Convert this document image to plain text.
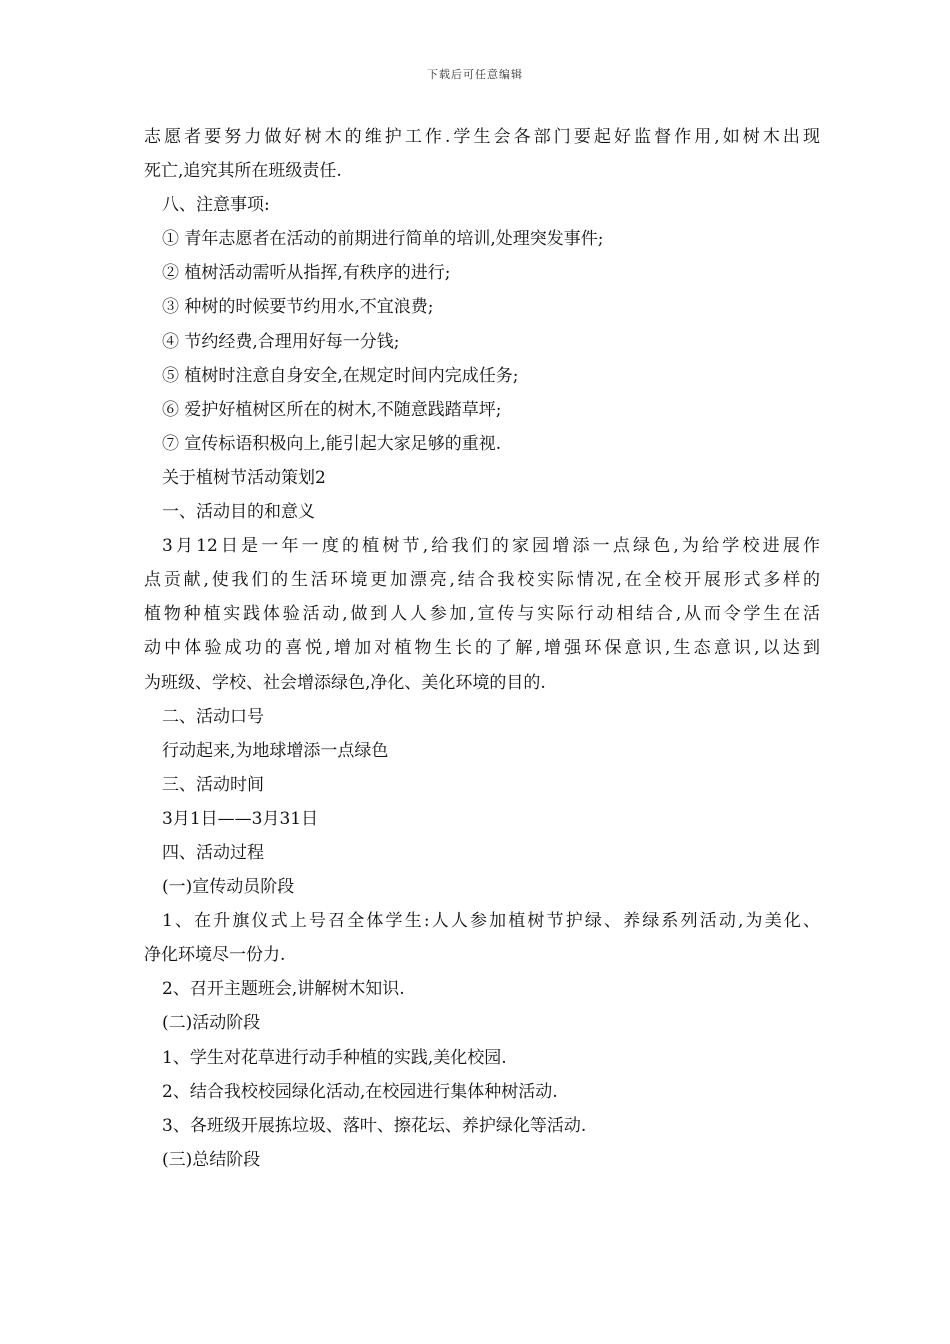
下载后可任意编辑
志愿者要努力做好树木的维护工作.学生会各部门要起好监督作用,如树木出现
死亡,追究其所在班级责任.
八、注意事项:
① 青年志愿者在活动的前期进行简单的培训,处理突发事件;
② 植树活动需听从指挥,有秩序的进行;
③ 种树的时候要节约用水,不宜浪费;
④ 节约经费,合理用好每一分钱;
⑤ 植树时注意自身安全,在规定时间内完成任务;
⑥ 爱护好植树区所在的树木,不随意践踏草坪;
⑦ 宣传标语积极向上,能引起大家足够的重视.
关于植树节活动策划2
一、活动目的和意义
3月12日是一年一度的植树节,给我们的家园增添一点绿色,为给学校进展作
点贡献,使我们的生活环境更加漂亮,结合我校实际情况,在全校开展形式多样的
植物种植实践体验活动,做到人人参加,宣传与实际行动相结合,从而令学生在活
动中体验成功的喜悦,增加对植物生长的了解,增强环保意识,生态意识,以达到
为班级、学校、社会增添绿色,净化、美化环境的目的.
二、活动口号
行动起来,为地球增添一点绿色
三、活动时间
3月1日——3月31日
四、活动过程
(一)宣传动员阶段
1、在升旗仪式上号召全体学生:人人参加植树节护绿、养绿系列活动,为美化、
净化环境尽一份力.
2、召开主题班会,讲解树木知识.
(二)活动阶段
1、学生对花草进行动手种植的实践,美化校园.
2、结合我校校园绿化活动,在校园进行集体种树活动.
3、各班级开展拣垃圾、落叶、擦花坛、养护绿化等活动.
(三)总结阶段
